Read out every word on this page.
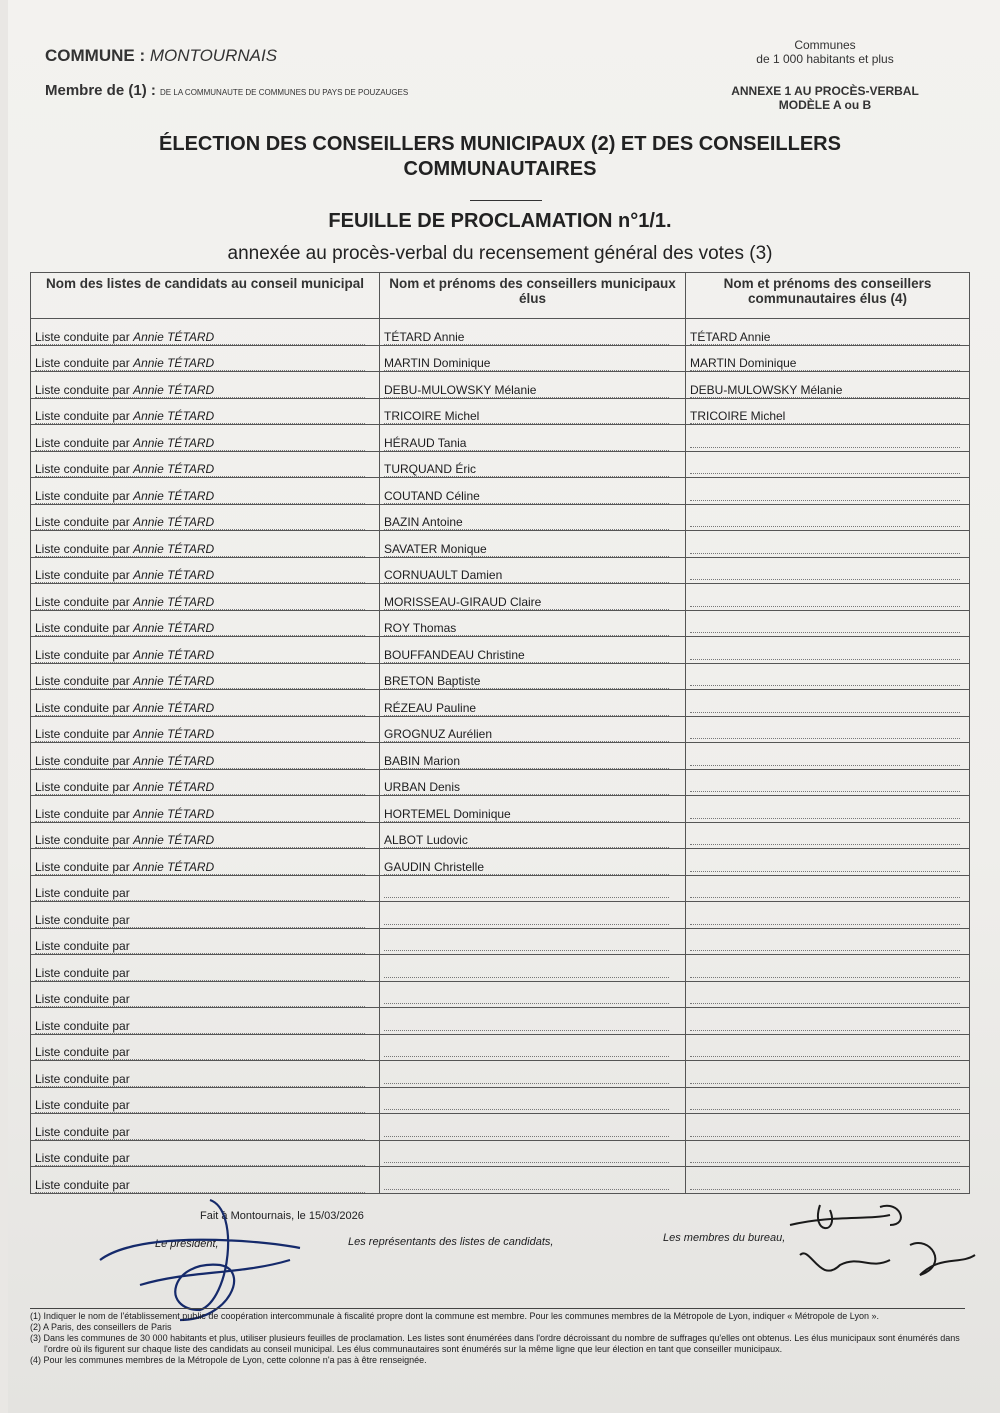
COMMUNE : MONTOURNAIS
Membre de (1) : DE LA COMMUNAUTE DE COMMUNES DU PAYS DE POUZAUGES
Communes
de 1 000 habitants et plus
ANNEXE 1 AU PROCÈS-VERBAL
MODÈLE A ou B
ÉLECTION DES CONSEILLERS MUNICIPAUX (2) ET DES CONSEILLERS
COMMUNAUTAIRES
FEUILLE DE PROCLAMATION n°1/1.
annexée au procès-verbal du recensement général des votes (3)
Nom des listes de candidats au conseil municipal	Nom et prénoms des conseillers municipaux élus	Nom et prénoms des conseillers communautaires élus (4)
Liste conduite par Annie TÉTARD	TÉTARD Annie	TÉTARD Annie
Liste conduite par Annie TÉTARD	MARTIN Dominique	MARTIN Dominique
Liste conduite par Annie TÉTARD	DEBU-MULOWSKY Mélanie	DEBU-MULOWSKY Mélanie
Liste conduite par Annie TÉTARD	TRICOIRE Michel	TRICOIRE Michel
Liste conduite par Annie TÉTARD	HÉRAUD Tania	
Liste conduite par Annie TÉTARD	TURQUAND Éric	
Liste conduite par Annie TÉTARD	COUTAND Céline	
Liste conduite par Annie TÉTARD	BAZIN Antoine	
Liste conduite par Annie TÉTARD	SAVATER Monique	
Liste conduite par Annie TÉTARD	CORNUAULT Damien	
Liste conduite par Annie TÉTARD	MORISSEAU-GIRAUD Claire	
Liste conduite par Annie TÉTARD	ROY Thomas	
Liste conduite par Annie TÉTARD	BOUFFANDEAU Christine	
Liste conduite par Annie TÉTARD	BRETON Baptiste	
Liste conduite par Annie TÉTARD	RÉZEAU Pauline	
Liste conduite par Annie TÉTARD	GROGNUZ Aurélien	
Liste conduite par Annie TÉTARD	BABIN Marion	
Liste conduite par Annie TÉTARD	URBAN Denis	
Liste conduite par Annie TÉTARD	HORTEMEL Dominique	
Liste conduite par Annie TÉTARD	ALBOT Ludovic	
Liste conduite par Annie TÉTARD	GAUDIN Christelle	
Liste conduite par		
Liste conduite par		
Liste conduite par		
Liste conduite par		
Liste conduite par		
Liste conduite par		
Liste conduite par		
Liste conduite par		
Liste conduite par		
Liste conduite par		
Liste conduite par		
Liste conduite par		
Fait à Montournais, le 15/03/2026
Le président,	Les représentants des listes de candidats,	Les membres du bureau,
(1) Indiquer le nom de l'établissement public de coopération intercommunale à fiscalité propre dont la commune est membre. Pour les communes membres de la Métropole de Lyon, indiquer « Métropole de Lyon ».
(2) A Paris, des conseillers de Paris
(3) Dans les communes de 30 000 habitants et plus, utiliser plusieurs feuilles de proclamation. Les listes sont énumérées dans l'ordre décroissant du nombre de suffrages qu'elles ont obtenus. Les élus municipaux sont énumérés dans l'ordre où ils figurent sur chaque liste des candidats au conseil municipal. Les élus communautaires sont énumérés sur la même ligne que leur élection en tant que conseiller municipaux.
(4) Pour les communes membres de la Métropole de Lyon, cette colonne n'a pas à être renseignée.
